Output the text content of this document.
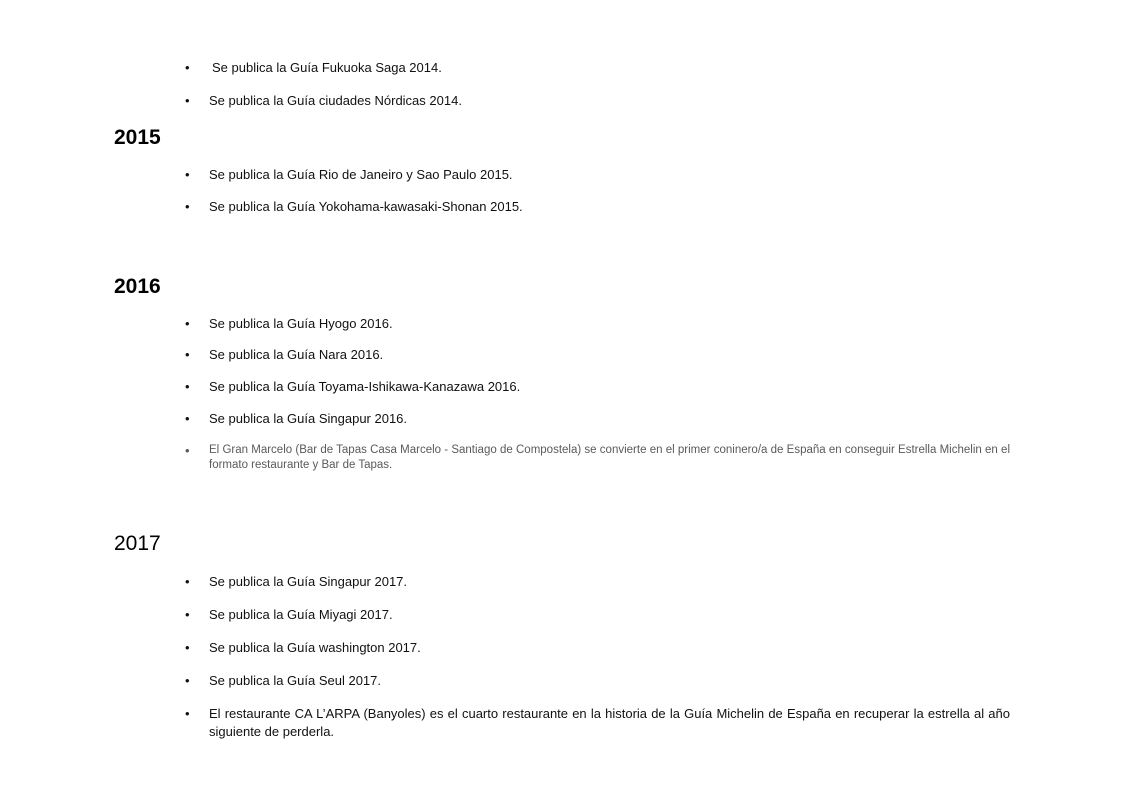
• Se publica la Guía Fukuoka Saga 2014.
• Se publica la Guía ciudades Nórdicas 2014.
2015
• Se publica la Guía Rio de Janeiro y Sao Paulo 2015.
• Se publica la Guía Yokohama-kawasaki-Shonan 2015.
2016
• Se publica la Guía Hyogo 2016.
• Se publica la Guía Nara 2016.
• Se publica la Guía Toyama-Ishikawa-Kanazawa 2016.
• Se publica la Guía Singapur 2016.
• El Gran Marcelo (Bar de Tapas Casa Marcelo - Santiago de Compostela) se convierte en el primer coninero/a de España en conseguir Estrella Michelin en el formato restaurante y Bar de Tapas.
2017
• Se publica la Guía Singapur 2017.
• Se publica la Guía Miyagi 2017.
• Se publica la Guía washington 2017.
• Se publica la Guía Seul 2017.
• El restaurante CA L’ARPA (Banyoles) es el cuarto restaurante en la historia de la Guía Michelin de España en recuperar la estrella al año siguiente de perderla.
